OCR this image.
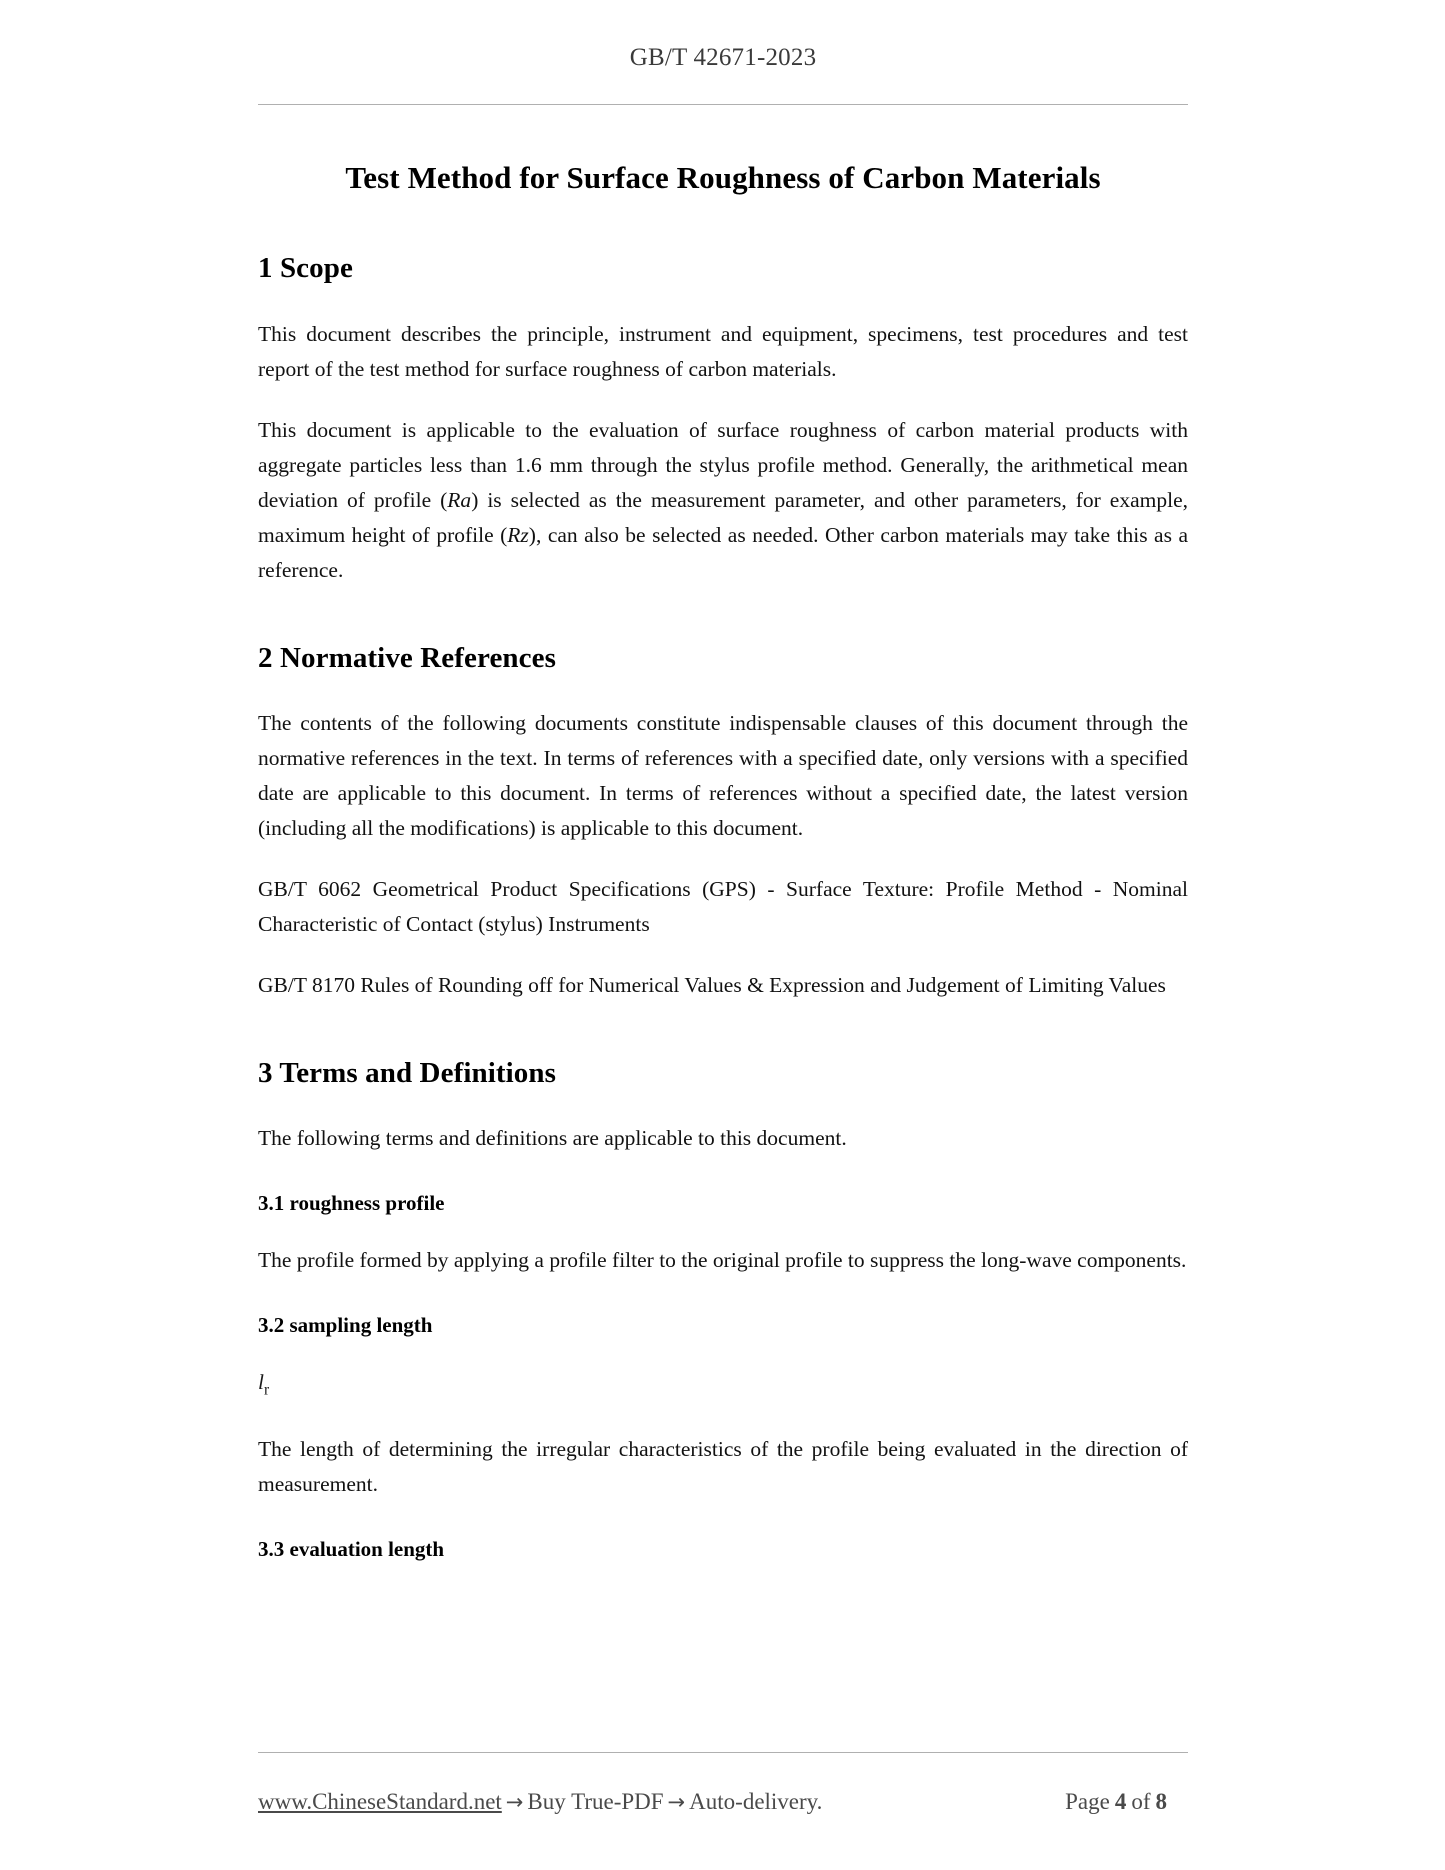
GB/T 42671-2023
Test Method for Surface Roughness of Carbon Materials
1 Scope

This document describes the principle, instrument and equipment, specimens, test procedures and test report of the test method for surface roughness of carbon materials.

This document is applicable to the evaluation of surface roughness of carbon material products with aggregate particles less than 1.6 mm through the stylus profile method. Generally, the arithmetical mean deviation of profile (Ra) is selected as the measurement parameter, and other parameters, for example, maximum height of profile (Rz), can also be selected as needed. Other carbon materials may take this as a reference.

2 Normative References

The contents of the following documents constitute indispensable clauses of this document through the normative references in the text. In terms of references with a specified date, only versions with a specified date are applicable to this document. In terms of references without a specified date, the latest version (including all the modifications) is applicable to this document.

GB/T 6062 Geometrical Product Specifications (GPS) - Surface Texture: Profile Method - Nominal Characteristic of Contact (stylus) Instruments

GB/T 8170 Rules of Rounding off for Numerical Values & Expression and Judgement of Limiting Values

3 Terms and Definitions

The following terms and definitions are applicable to this document.

3.1 roughness profile

The profile formed by applying a profile filter to the original profile to suppress the long-wave components.

3.2 sampling length

$l_r$

The length of determining the irregular characteristics of the profile being evaluated in the direction of measurement.

3.3 evaluation length
www.ChineseStandard.net → Buy True-PDF → Auto-delivery.	Page 4 of 8
